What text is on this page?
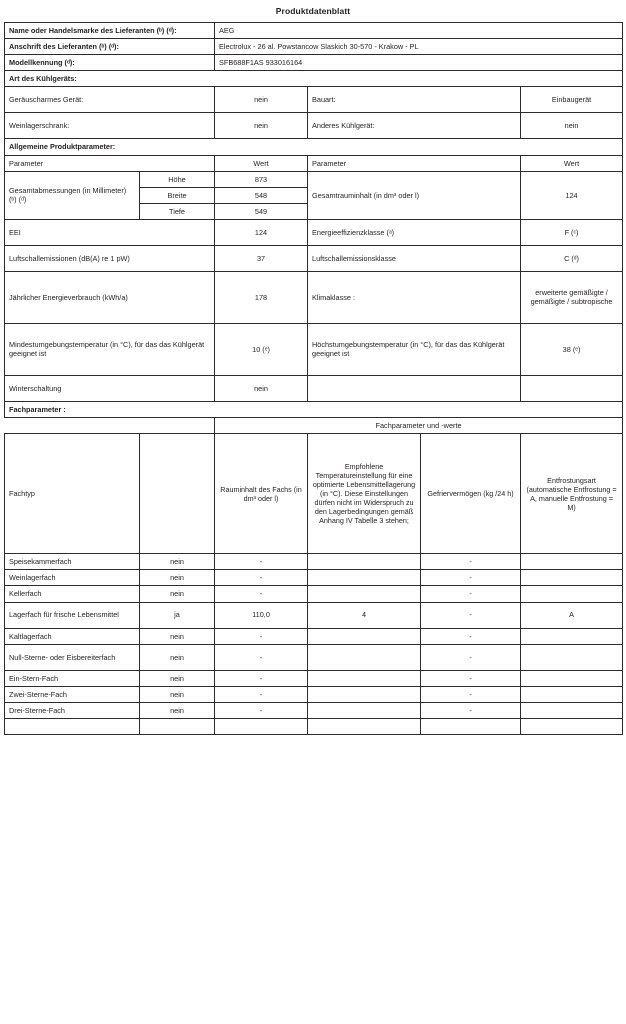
Produktdatenblatt
Name oder Handelsmarke des Lieferanten (ᵇ) (ᵈ):		AEG			
Anschrift des Lieferanten (ᵇ) (ᵈ):		Electrolux - 26 al. Powstancow Slaskich 30-570 - Krakow - PL			
Modellkennung (ᵈ):		SFB688F1AS 933016164			
Art des Kühlgeräts:					
Geräuscharmes Gerät:		nein	Bauart:		Einbaugerät
Weinlagerschrank:		nein	Anderes Kühlgerät:		nein
Allgemeine Produktparameter:					
Parameter		Wert	Parameter		Wert
Gesamtabmessungen (in Millimeter) (ᵇ) (ᵈ)	Höhe	873	Gesamtrauminhalt (in dm³ oder l)		124
	Breite	548			
	Tiefe	549			
EEI		124	Energieeffizienzklasse (ᵃ)		F (ᶜ)
Luftschallemissionen (dB(A) re 1 pW)		37	Luftschallemissionsklasse		C (ᵈ)
Jährlicher Energieverbrauch (kWh/a)		178	Klimaklasse :		erweiterte gemäßigte / gemäßigte / subtropische
Mindestumgebungstemperatur (in °C), für das das Kühlgerät geeignet ist		10 (ᵉ)	Höchstumgebungstemperatur (in °C), für das das Kühlgerät geeignet ist		38 (ᵉ)
Winterschaltung		nein			
Fachparameter :					
		Fachparameter und -werte			
Fachtyp		Rauminhalt des Fachs (in dm³ oder l)	Empfohlene Temperatureinstellung für eine optimierte Lebensmittellagerung (in °C). Diese Einstellungen dürfen nicht im Widerspruch zu den Lagerbedingungen gemäß Anhang IV Tabelle 3 stehen;	Gefriervermögen (kg /24 h)	Entfrostungsart (automatische Entfrostung = A, manuelle Entfrostung = M)
Speisekammerfach	nein	-		-	
Weinlagerfach	nein	-		-	
Kellerfach	nein	-		-	
Lagerfach für frische Lebensmittel	ja	110,0	4	-	A
Kaltlagerfach	nein	-		-	
Null-Sterne- oder Eisbereiterfach	nein	-		-	
Ein-Stern-Fach	nein	-		-	
Zwei-Sterne-Fach	nein	-		-	
Drei-Sterne-Fach	nein	-		-	
